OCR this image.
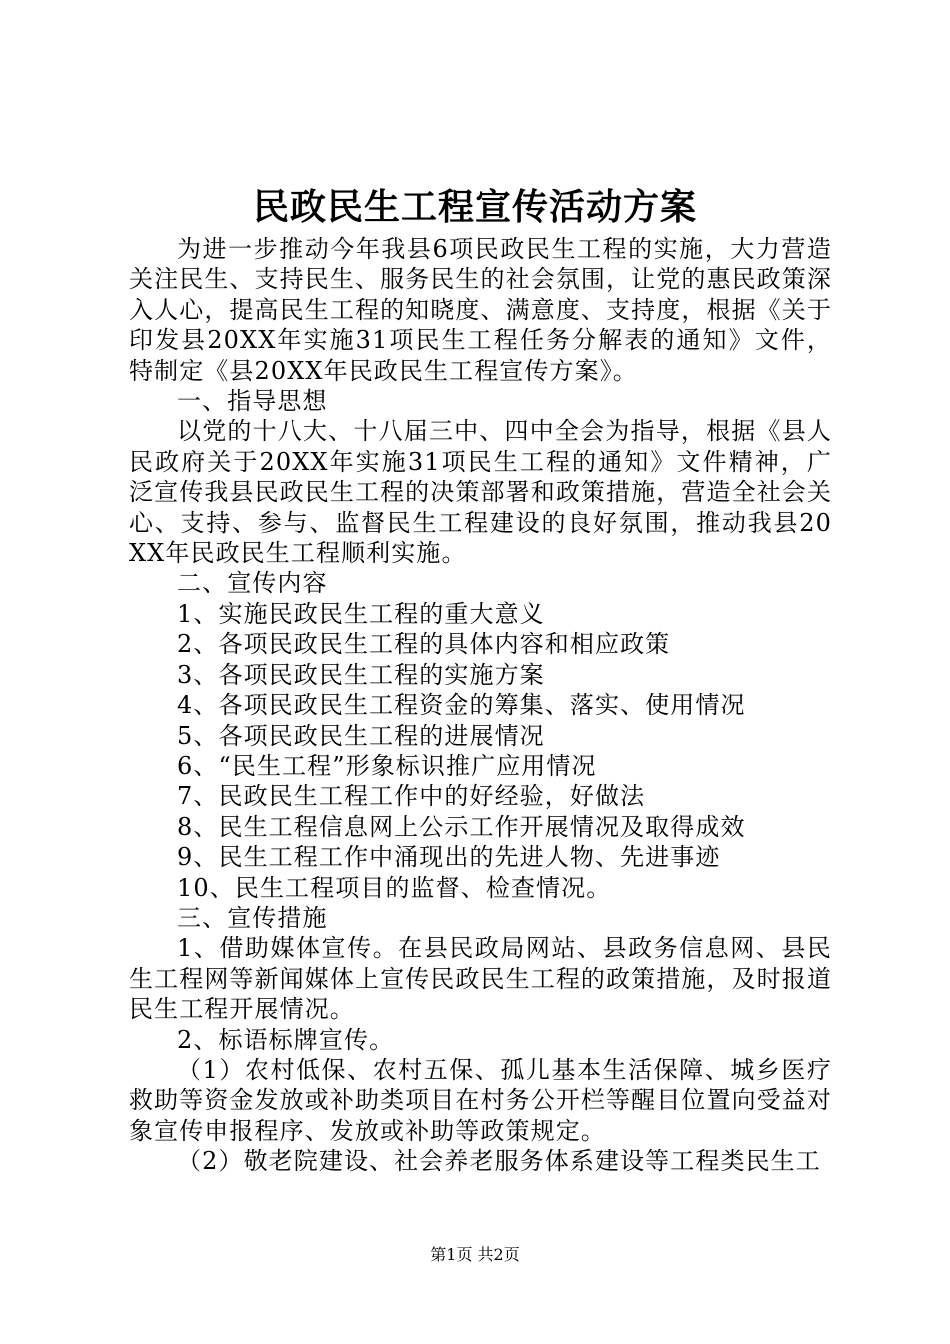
民政民生工程宣传活动方案

为进一步推动今年我县6项民政民生工程的实施，大力营造关注民生、支持民生、服务民生的社会氛围，让党的惠民政策深入人心，提高民生工程的知晓度、满意度、支持度，根据《关于印发县20XX年实施31项民生工程任务分解表的通知》文件，特制定《县20XX年民政民生工程宣传方案》。

一、指导思想

以党的十八大、十八届三中、四中全会为指导，根据《县人民政府关于20XX年实施31项民生工程的通知》文件精神，广泛宣传我县民政民生工程的决策部署和政策措施，营造全社会关心、支持、参与、监督民生工程建设的良好氛围，推动我县20XX年民政民生工程顺利实施。

二、宣传内容

1、实施民政民生工程的重大意义

2、各项民政民生工程的具体内容和相应政策

3、各项民政民生工程的实施方案

4、各项民政民生工程资金的筹集、落实、使用情况

5、各项民政民生工程的进展情况

6、“民生工程”形象标识推广应用情况

7、民政民生工程工作中的好经验，好做法

8、民生工程信息网上公示工作开展情况及取得成效

9、民生工程工作中涌现出的先进人物、先进事迹

10、民生工程项目的监督、检查情况。

三、宣传措施

1、借助媒体宣传。在县民政局网站、县政务信息网、县民生工程网等新闻媒体上宣传民政民生工程的政策措施，及时报道民生工程开展情况。

2、标语标牌宣传。

（1）农村低保、农村五保、孤儿基本生活保障、城乡医疗救助等资金发放或补助类项目在村务公开栏等醒目位置向受益对象宣传申报程序、发放或补助等政策规定。

（2）敬老院建设、社会养老服务体系建设等工程类民生工

第1页 共2页
